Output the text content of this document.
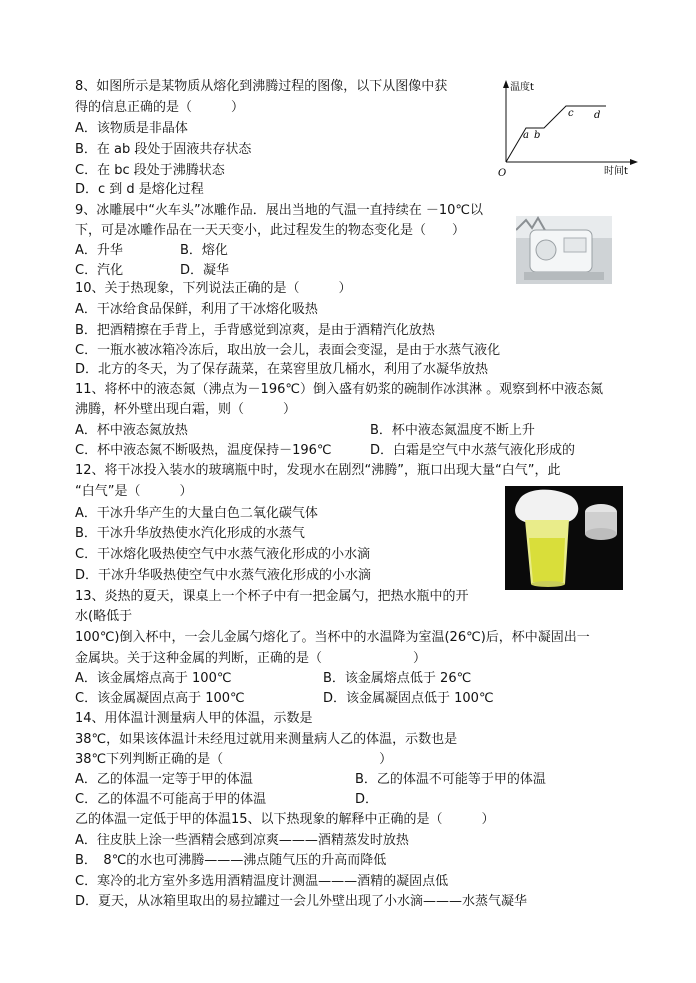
8、如图所示是某物质从熔化到沸腾过程的图像，以下从图像中获
得的信息正确的是（　　　）
A．该物质是非晶体
B．在 ab 段处于固液共存状态
C．在 bc 段处于沸腾状态
D．c 到 d 是熔化过程
温度t
时间t
O
a b
c d
9、冰雕展中“火车头”冰雕作品．展出当地的气温一直持续在 －10℃以
下，可是冰雕作品在一天天变小，此过程发生的物态变化是（　　）
A．升华	B．熔化
C．汽化	D．凝华
10、关于热现象，下列说法正确的是（　　　）
A．干冰给食品保鲜，利用了干冰熔化吸热
B．把酒精擦在手背上，手背感觉到凉爽，是由于酒精汽化放热
C．一瓶水被冰箱冷冻后，取出放一会儿，表面会变湿，是由于水蒸气液化
D．北方的冬天，为了保存蔬菜，在菜窖里放几桶水，利用了水凝华放热
11、将杯中的液态氮（沸点为－196℃）倒入盛有奶浆的碗制作冰淇淋 。观察到杯中液态氮
沸腾，杯外壁出现白霜，则（　　　）
A．杯中液态氮放热	B．杯中液态氮温度不断上升
C．杯中液态氮不断吸热，温度保持－196℃	D．白霜是空气中水蒸气液化形成的
12、将干冰投入装水的玻璃瓶中时，发现水在剧烈“沸腾”，瓶口出现大量“白气”，此
“白气”是（　　　）
A．干冰升华产生的大量白色二氧化碳气体
B．干冰升华放热使水汽化形成的水蒸气
C．干冰熔化吸热使空气中水蒸气液化形成的小水滴
D．干冰升华吸热使空气中水蒸气液化形成的小水滴
13、炎热的夏天，课桌上一个杯子中有一把金属勺，把热水瓶中的开
水(略低于
100℃)倒入杯中，一会儿金属勺熔化了。当杯中的水温降为室温(26℃)后，杯中凝固出一
金属块。关于这种金属的判断，正确的是（　　　　　　　）
A．该金属熔点高于 100℃	B．该金属熔点低于 26℃
C．该金属凝固点高于 100℃	D．该金属凝固点低于 100℃
14、用体温计测量病人甲的体温，示数是
38℃，如果该体温计未经甩过就用来测量病人乙的体温，示数也是
38℃下列判断正确的是（　　　　　　　　　　　　）
A．乙的体温一定等于甲的体温	B．乙的体温不可能等于甲的体温
C．乙的体温不可能高于甲的体温	D．
乙的体温一定低于甲的体温15、以下热现象的解释中正确的是（　　　）
A．往皮肤上涂一些酒精会感到凉爽———酒精蒸发时放热
B．　8℃的水也可沸腾———沸点随气压的升高而降低
C．寒冷的北方室外多选用酒精温度计测温———酒精的凝固点低
D．夏天，从冰箱里取出的易拉罐过一会儿外壁出现了小水滴———水蒸气凝华
